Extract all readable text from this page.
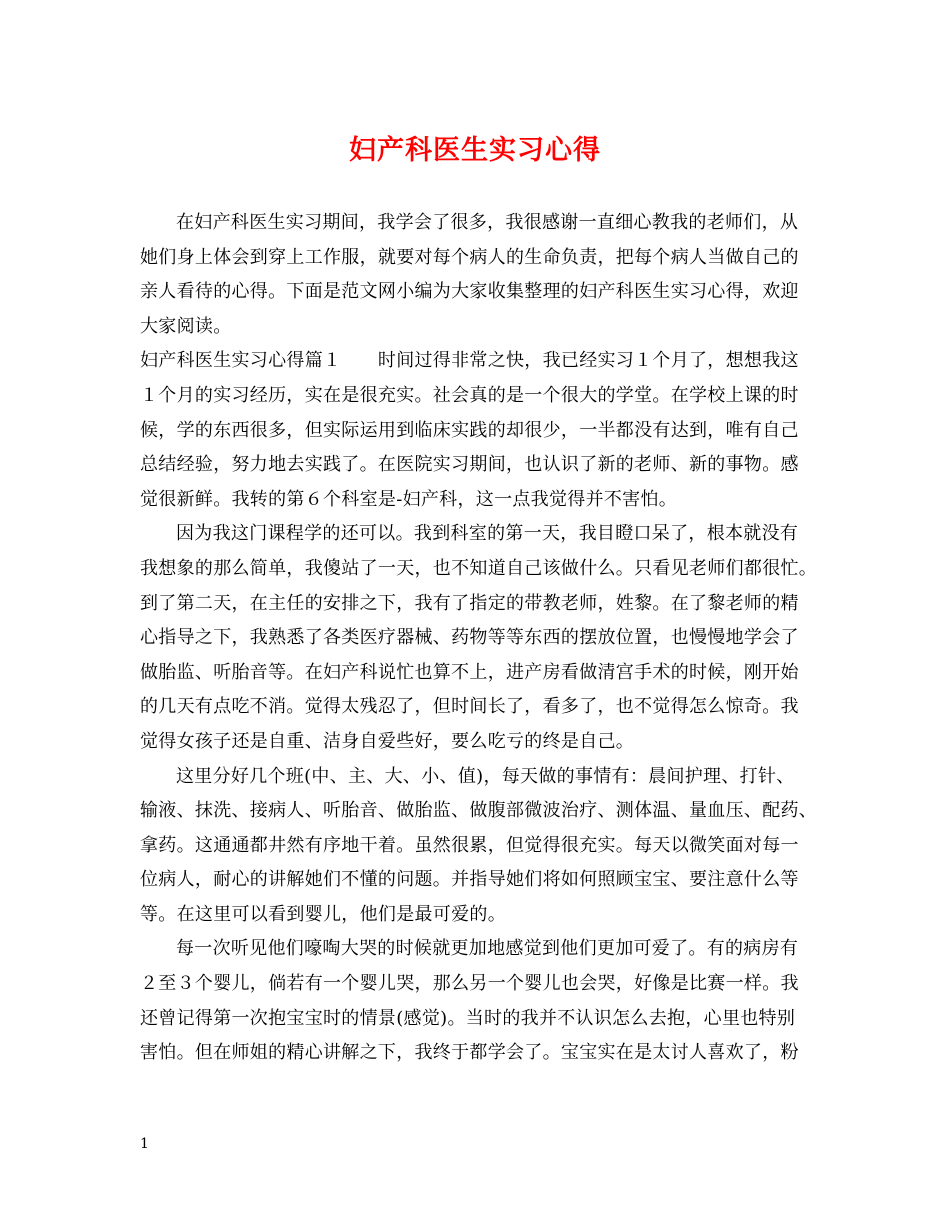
妇产科医生实习心得
在妇产科医生实习期间，我学会了很多，我很感谢一直细心教我的老师们，从
她们身上体会到穿上工作服，就要对每个病人的生命负责，把每个病人当做自己的
亲人看待的心得。下面是范文网小编为大家收集整理的妇产科医生实习心得，欢迎
大家阅读。
妇产科医生实习心得篇１　　时间过得非常之快，我已经实习１个月了，想想我这
１个月的实习经历，实在是很充实。社会真的是一个很大的学堂。在学校上课的时
候，学的东西很多，但实际运用到临床实践的却很少，一半都没有达到，唯有自己
总结经验，努力地去实践了。在医院实习期间，也认识了新的老师、新的事物。感
觉很新鲜。我转的第６个科室是-妇产科，这一点我觉得并不害怕。
因为我这门课程学的还可以。我到科室的第一天，我目瞪口呆了，根本就没有
我想象的那么简单，我傻站了一天，也不知道自己该做什么。只看见老师们都很忙。
到了第二天，在主任的安排之下，我有了指定的带教老师，姓黎。在了黎老师的精
心指导之下，我熟悉了各类医疗器械、药物等等东西的摆放位置，也慢慢地学会了
做胎监、听胎音等。在妇产科说忙也算不上，进产房看做清宫手术的时候，刚开始
的几天有点吃不消。觉得太残忍了，但时间长了，看多了，也不觉得怎么惊奇。我
觉得女孩子还是自重、洁身自爱些好，要么吃亏的终是自己。
这里分好几个班(中、主、大、小、值)，每天做的事情有：晨间护理、打针、
输液、抹洗、接病人、听胎音、做胎监、做腹部微波治疗、测体温、量血压、配药、
拿药。这通通都井然有序地干着。虽然很累，但觉得很充实。每天以微笑面对每一
位病人，耐心的讲解她们不懂的问题。并指导她们将如何照顾宝宝、要注意什么等
等。在这里可以看到婴儿，他们是最可爱的。
每一次听见他们嚎啕大哭的时候就更加地感觉到他们更加可爱了。有的病房有
２至３个婴儿，倘若有一个婴儿哭，那么另一个婴儿也会哭，好像是比赛一样。我
还曾记得第一次抱宝宝时的情景(感觉)。当时的我并不认识怎么去抱，心里也特别
害怕。但在师姐的精心讲解之下，我终于都学会了。宝宝实在是太讨人喜欢了，粉
1
